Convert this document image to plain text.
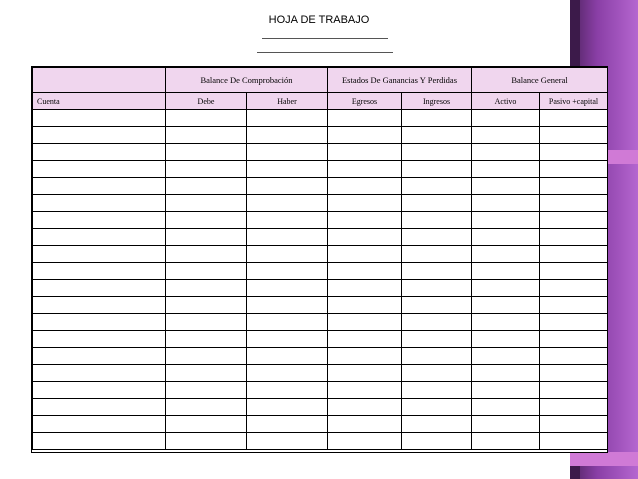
HOJA DE TRABAJO
	Balance De Comprobación		Estados De Ganancias Y Perdidas		Balance General	
Cuenta	Debe	Haber	Egresos	Ingresos	Activo	Pasivo +capital
